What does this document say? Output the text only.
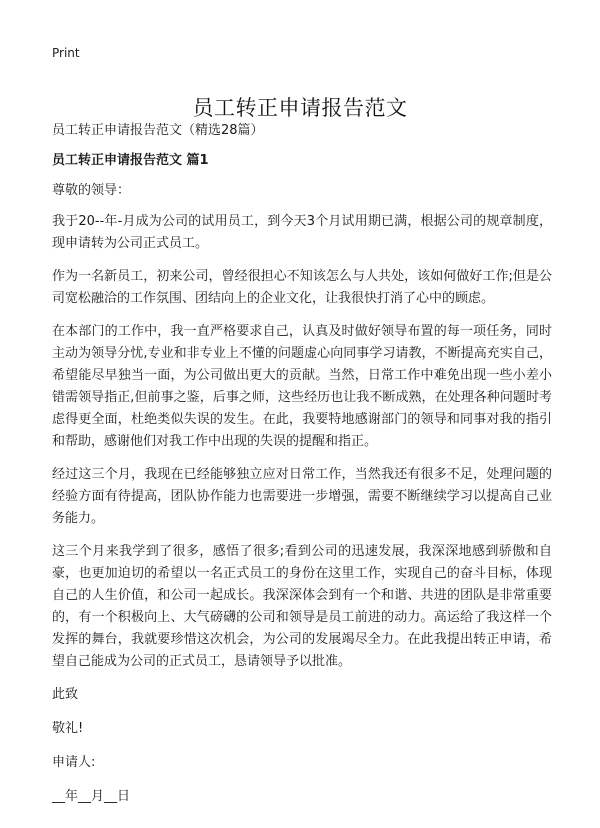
Print
员工转正申请报告范文

员工转正申请报告范文（精选28篇）

员工转正申请报告范文 篇1

尊敬的领导：

我于20--年-月成为公司的试用员工，到今天3个月试用期已满，根据公司的规章制度，现申请转为公司正式员工。

作为一名新员工，初来公司，曾经很担心不知该怎么与人共处，该如何做好工作;但是公司宽松融洽的工作氛围、团结向上的企业文化，让我很快打消了心中的顾虑。

在本部门的工作中，我一直严格要求自己，认真及时做好领导布置的每一项任务，同时主动为领导分忧,专业和非专业上不懂的问题虚心向同事学习请教，不断提高充实自己，希望能尽早独当一面，为公司做出更大的贡献。当然，日常工作中难免出现一些小差小错需领导指正,但前事之鉴，后事之师，这些经历也让我不断成熟，在处理各种问题时考虑得更全面，杜绝类似失误的发生。在此，我要特地感谢部门的领导和同事对我的指引和帮助，感谢他们对我工作中出现的失误的提醒和指正。

经过这三个月，我现在已经能够独立应对日常工作，当然我还有很多不足，处理问题的经验方面有待提高，团队协作能力也需要进一步增强，需要不断继续学习以提高自己业务能力。

这三个月来我学到了很多，感悟了很多;看到公司的迅速发展，我深深地感到骄傲和自豪，也更加迫切的希望以一名正式员工的身份在这里工作，实现自己的奋斗目标，体现自己的人生价值，和公司一起成长。我深深体会到有一个和谐、共进的团队是非常重要的，有一个积极向上、大气磅礴的公司和领导是员工前进的动力。高运给了我这样一个发挥的舞台，我就要珍惜这次机会，为公司的发展竭尽全力。在此我提出转正申请，希望自己能成为公司的正式员工，恳请领导予以批准。

此致

敬礼!

申请人:

__年__月__日
